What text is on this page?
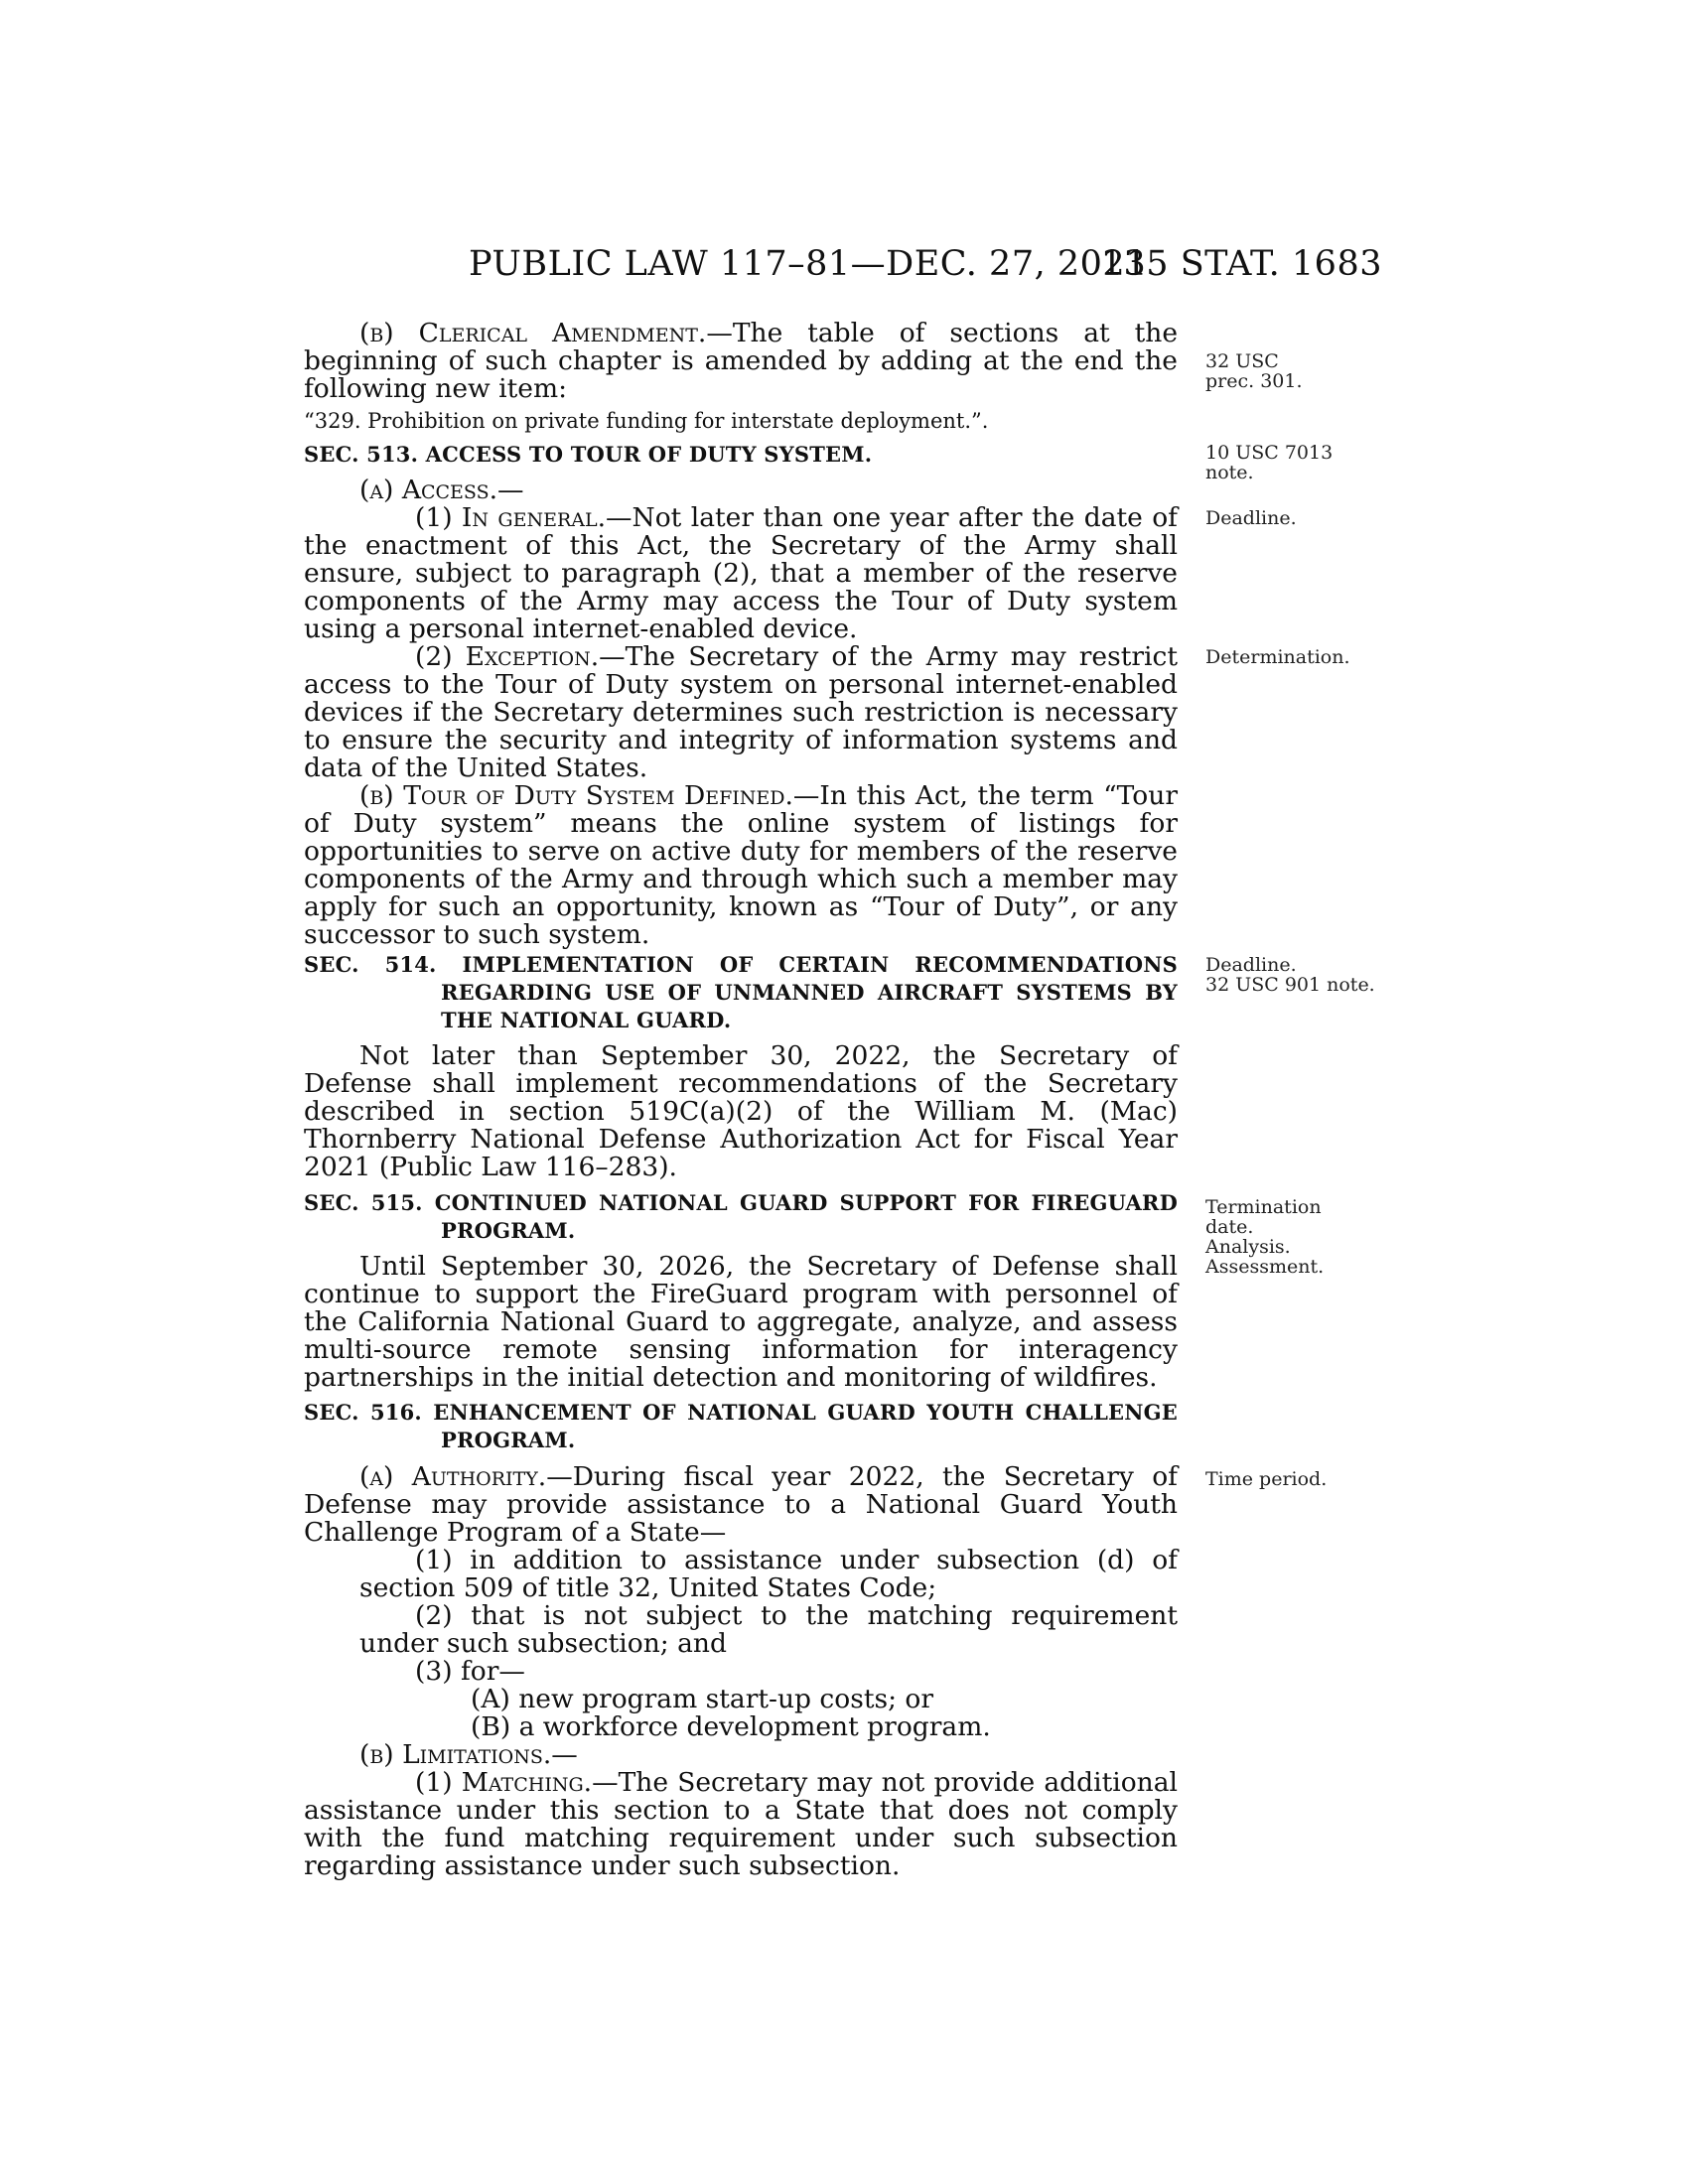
PUBLIC LAW 117–81—DEC. 27, 2021
135 STAT. 1683

(b) Clerical Amendment.—The table of sections at the beginning of such chapter is amended by adding at the end the following new item:

“329. Prohibition on private funding for interstate deployment.”.

SEC. 513. ACCESS TO TOUR OF DUTY SYSTEM.

(a) Access.—

(1) In general.—Not later than one year after the date of the enactment of this Act, the Secretary of the Army shall ensure, subject to paragraph (2), that a member of the reserve components of the Army may access the Tour of Duty system using a personal internet-enabled device.

(2) Exception.—The Secretary of the Army may restrict access to the Tour of Duty system on personal internet-enabled devices if the Secretary determines such restriction is necessary to ensure the security and integrity of information systems and data of the United States.

(b) Tour of Duty System Defined.—In this Act, the term “Tour of Duty system” means the online system of listings for opportunities to serve on active duty for members of the reserve components of the Army and through which such a member may apply for such an opportunity, known as “Tour of Duty”, or any successor to such system.

SEC. 514. IMPLEMENTATION OF CERTAIN RECOMMENDATIONS REGARDING USE OF UNMANNED AIRCRAFT SYSTEMS BY THE NATIONAL GUARD.

Not later than September 30, 2022, the Secretary of Defense shall implement recommendations of the Secretary described in section 519C(a)(2) of the William M. (Mac) Thornberry National Defense Authorization Act for Fiscal Year 2021 (Public Law 116–283).

SEC. 515. CONTINUED NATIONAL GUARD SUPPORT FOR FIREGUARD PROGRAM.

Until September 30, 2026, the Secretary of Defense shall continue to support the FireGuard program with personnel of the California National Guard to aggregate, analyze, and assess multi-source remote sensing information for interagency partnerships in the initial detection and monitoring of wildfires.

SEC. 516. ENHANCEMENT OF NATIONAL GUARD YOUTH CHALLENGE PROGRAM.

(a) Authority.—During fiscal year 2022, the Secretary of Defense may provide assistance to a National Guard Youth Challenge Program of a State—

(1) in addition to assistance under subsection (d) of section 509 of title 32, United States Code;

(2) that is not subject to the matching requirement under such subsection; and

(3) for—

(A) new program start-up costs; or

(B) a workforce development program.

(b) Limitations.—

(1) Matching.—The Secretary may not provide additional assistance under this section to a State that does not comply with the fund matching requirement under such subsection regarding assistance under such subsection.

32 USC
prec. 301.
10 USC 7013
note.
Deadline.
Determination.
Deadline.
32 USC 901 note.
Termination
date.
Analysis.
Assessment.
Time period.
